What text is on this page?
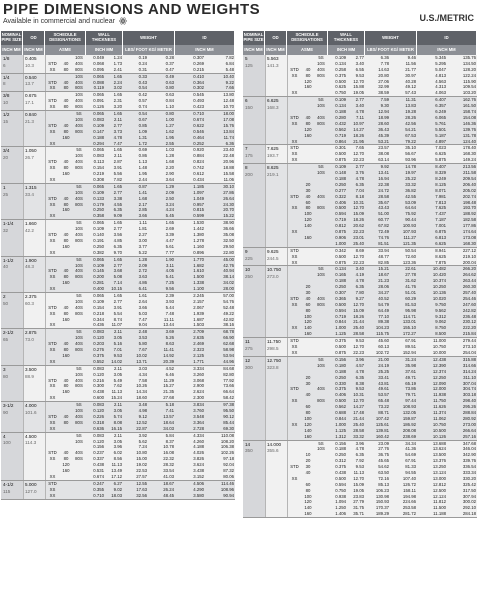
PIPE DIMENSIONS AND WEIGHTS
Available in commercial and nuclear	U.S./METRIC
NOMINAL PIPE SIZE
INCH MM
OD
INCH MM
SCHEDULE DESIGNATIONS
ASME
WALL THICKNESS
INCH MM
WEIGHT
LBS/ FOOT KG/ METER
ID
INCH MM
1/8
6
0.405
10.3
10S	0.049	1.24	0.19	0.28	0.307	7.82
STD	40	40S	0.068	1.73	0.24	0.37	0.269	6.84
XS	80	80S	0.095	2.41	0.31	0.47	0.215	5.48
1/4
8
0.540
13.7
10S	0.065	1.65	0.33	0.49	0.410	10.40
STD	40	40S	0.088	2.24	0.43	0.63	0.364	9.22
XS	80	80S	0.119	3.02	0.54	0.80	0.302	7.66
3/8
10
0.675
17.1
10S	0.065	1.65	0.42	0.63	0.545	13.80
STD	40	40S	0.091	2.31	0.57	0.84	0.493	12.48
XS	80	80S	0.126	3.20	0.74	1.10	0.423	10.70
1/2
15
0.840
21.3
5S	0.065	1.65	0.54	0.80	0.710	18.00
10S	0.083	2.11	0.67	1.00	0.674	17.08
STD	40	40S	0.109	2.77	0.85	1.27	0.622	15.76
XS	80	80S	0.147	3.73	1.09	1.62	0.546	13.84
160	0.188	4.78	1.31	1.95	0.464	11.74
XX	0.294	7.47	1.72	2.55	0.252	6.36
3/4
20
1.050
26.7
5S	0.065	1.65	0.69	1.03	0.920	23.40
10S	0.083	2.11	0.86	1.28	0.884	22.48
STD	40	40S	0.113	2.87	1.13	1.68	0.824	20.96
XS	80	80S	0.154	3.91	1.48	2.20	0.742	18.88
160	0.219	5.56	1.95	2.90	0.612	15.58
XX	0.308	7.82	2.44	3.64	0.434	11.06
1
25
1.315
33.4
5S	0.065	1.65	0.87	1.29	1.185	30.10
10S	0.109	2.77	1.41	2.09	1.097	27.86
STD	40	40S	0.133	3.38	1.68	2.50	1.049	26.64
XS	80	80S	0.179	4.55	2.17	3.24	0.957	24.30
160	0.250	6.35	2.85	4.24	0.815	20.70
XX	0.358	9.09	3.66	5.45	0.599	15.22
1-1/4
32
1.660
42.2
5S	0.065	1.65	1.11	1.65	1.530	38.90
10S	0.109	2.77	1.81	2.69	1.442	36.66
STD	40	40S	0.140	3.56	2.27	3.39	1.380	35.08
XS	80	80S	0.191	4.85	3.00	4.47	1.278	32.50
160	0.250	6.35	3.77	5.61	1.160	29.50
XX	0.382	9.70	5.22	7.77	0.896	22.80
1-1/2
40
1.900
48.3
5S	0.065	1.65	1.28	1.90	1.770	45.00
10S	0.109	2.77	2.09	3.11	1.682	42.76
STD	40	40S	0.145	3.68	2.72	4.05	1.610	40.94
XS	80	80S	0.200	5.08	3.63	5.41	1.500	38.14
160	0.281	7.14	4.86	7.25	1.338	34.02
XX	0.400	10.15	6.41	9.56	1.100	28.00
2
50
2.375
60.3
5S	0.065	1.65	1.61	2.39	2.245	57.00
10S	0.109	2.77	2.64	3.93	2.157	54.76
STD	40	40S	0.154	3.91	3.66	5.44	2.067	52.48
XS	80	80S	0.218	5.54	5.03	7.48	1.939	49.22
160	0.344	8.74	7.47	11.11	1.687	42.82
XX	0.436	11.07	9.04	13.44	1.503	38.16
2-1/2
65
2.875
73.0
5S	0.083	2.11	2.48	3.69	2.709	68.78
10S	0.120	3.05	3.53	5.26	2.635	66.90
STD	40	40S	0.203	5.16	5.80	8.63	2.469	62.68
XS	80	80S	0.276	7.01	7.67	11.41	2.323	58.98
160	0.375	9.53	10.02	14.92	2.125	53.94
XX	0.552	14.02	13.71	20.39	1.771	44.96
3
80
3.500
88.9
5S	0.083	2.11	3.03	4.52	3.334	84.68
10S	0.120	3.05	4.34	6.46	3.260	82.80
STD	40	40S	0.216	5.49	7.58	11.29	3.068	77.92
XS	80	80S	0.300	7.62	10.26	15.27	2.900	73.66
160	0.438	11.13	14.34	21.35	2.624	66.64
XX	0.600	15.24	18.60	27.68	2.300	58.42
3-1/2
90
4.000
101.6
5S	0.083	2.11	3.48	5.18	3.834	97.38
10S	0.120	3.05	4.98	7.41	3.760	95.50
STD	40	40S	0.226	5.74	9.12	13.57	3.548	90.12
XS	80	80S	0.318	8.08	12.52	18.64	3.364	85.44
XX	0.636	16.15	22.87	34.03	2.728	69.30
4
100
4.500
114.3
5S	0.083	2.11	3.92	5.84	4.334	110.08
10S	0.120	3.05	5.62	8.37	4.260	108.20
0.156	3.96	7.24	10.78	4.188	106.38
STD	40	40S	0.237	6.02	10.80	16.08	4.026	102.26
XS	80	80S	0.337	8.56	15.00	22.32	3.826	97.18
120	0.438	11.13	19.02	28.32	3.624	92.04
160	0.531	13.49	22.53	33.54	3.438	87.32
XX	0.674	17.12	27.57	41.03	3.152	80.06
4-1/2
115
5.000
127.0
STD	0.247	6.27	12.55	18.67	4.506	114.46
XS	0.355	9.02	17.63	26.24	4.290	108.96
XX	0.710	18.03	32.56	48.45	3.580	90.94
NOMINAL PIPE SIZE
INCH MM
OD
INCH MM
SCHEDULE DESIGNATIONS
ASME
WALL THICKNESS
INCH MM
WEIGHT
LBS/ FOOT KG/ METER
ID
INCH MM
5
125
5.563
141.3
5S	0.109	2.77	6.36	9.46	5.345	135.76
10S	0.134	3.40	7.78	11.56	5.295	134.50
STD	40	40S	0.258	6.55	14.63	21.77	5.047	128.20
XS	80	80S	0.375	9.53	20.80	30.97	4.813	122.24
120	0.500	12.70	27.06	40.28	4.563	115.90
160	0.625	15.88	32.99	49.12	4.313	109.54
XX	0.750	19.05	38.59	57.43	4.063	103.20
6
150
6.625
168.3
5S	0.109	2.77	7.59	11.31	6.407	162.76
10S	0.134	3.40	9.30	13.83	6.357	161.50
0.188	4.78	12.94	19.28	6.249	158.74
STD	40	40S	0.280	7.11	18.99	28.26	6.065	154.08
XS	80	80S	0.432	10.97	28.60	42.56	5.761	146.36
120	0.562	14.27	36.43	54.21	5.501	139.76
160	0.719	18.26	45.39	67.53	5.187	131.78
XX	0.864	21.95	53.21	79.22	4.897	124.40
7
175
7.625
193.7
STD	0.301	7.65	23.57	35.10	7.023	178.40
XS	0.500	12.70	38.08	56.67	6.625	168.30
XX	0.875	22.23	63.14	93.96	5.875	149.24
8
200
8.625
219.1
5S	0.109	2.77	9.92	14.78	8.407	213.56
10S	0.148	3.76	13.41	19.97	8.329	211.58
0.188	4.78	16.94	25.22	8.249	209.54
20	0.250	6.35	22.38	33.32	8.125	206.40
30	0.277	7.04	24.72	36.82	8.071	205.02
STD	40	40S	0.322	8.18	28.58	42.55	7.981	202.74
60	0.406	10.31	35.67	53.09	7.813	198.48
XS	80	80S	0.500	12.70	43.43	64.64	7.625	193.70
100	0.594	15.09	51.00	75.92	7.437	188.92
120	0.719	18.26	60.77	90.44	7.187	182.58
140	0.812	20.62	67.82	100.93	7.001	177.86
XX	0.875	22.23	72.49	107.93	6.875	174.64
160	0.906	23.01	74.76	111.27	6.813	173.08
1.000	25.40	81.51	121.35	6.625	168.30
9
225
9.625
244.5
STD	0.342	8.69	33.94	50.54	8.941	227.12
XS	0.500	12.70	48.77	72.60	8.625	219.10
XX	0.875	22.23	82.85	123.36	7.875	200.04
10
250
10.750
273.0
5S	0.134	3.40	15.21	22.61	10.482	266.20
10S	0.165	4.19	18.67	27.78	10.420	264.62
0.188	4.78	21.23	31.62	10.374	263.44
20	0.250	6.35	28.06	41.76	10.250	260.30
30	0.307	7.80	34.27	51.01	10.136	257.40
STD	40	40S	0.365	9.27	40.52	60.29	10.020	254.46
XS	60	80S	0.500	12.70	54.79	81.53	9.750	247.60
80	0.594	15.09	64.49	95.98	9.562	242.82
100	0.719	18.26	77.10	114.71	9.312	236.48
120	0.844	21.44	89.38	133.01	9.062	230.12
XX	140	1.000	25.40	104.23	155.10	8.750	222.20
160	1.125	28.58	115.75	172.27	8.500	215.84
11
275
11.750
298.5
STD	0.375	9.53	45.60	67.91	11.000	279.44
XS	0.500	12.70	60.13	89.51	10.750	273.10
XX	0.875	22.23	102.72	152.94	10.000	254.04
12
300
12.750
323.8
5S	0.156	3.96	21.00	31.24	12.438	315.88
10S	0.180	4.57	24.19	35.98	12.390	314.66
0.188	4.78	25.25	37.61	12.374	314.24
20	0.250	6.35	33.41	49.71	12.250	311.10
30	0.330	8.38	43.81	65.19	12.090	307.04
STD	40S	0.375	9.53	49.61	73.86	12.000	304.74
40	0.406	10.31	53.57	79.71	11.938	303.18
XS	80S	0.500	12.70	65.48	97.44	11.750	298.40
60	0.562	14.27	73.22	108.93	11.626	295.26
80	0.688	17.48	88.71	132.05	11.374	288.84
100	0.844	21.44	107.42	159.87	11.062	280.92
XX	120	1.000	25.40	125.61	186.92	10.750	273.00
140	1.125	28.58	139.81	208.08	10.500	266.64
160	1.312	33.32	160.42	238.69	10.126	257.16
14
350
14.000
355.6
5S	0.156	3.96	23.09	34.34	13.688	347.68
10S	0.188	4.78	27.76	41.36	13.624	346.04
10	0.250	6.35	36.75	54.69	13.500	342.90
20	0.312	7.92	45.65	67.91	13.376	339.76
STD	30	0.375	9.53	54.62	81.33	13.250	336.54
40	0.438	11.13	63.50	94.55	13.124	333.34
XS	0.500	12.70	72.16	107.40	13.000	330.20
60	0.594	15.09	85.13	126.72	12.812	325.42
80	0.750	19.05	106.23	158.11	12.500	317.50
100	0.938	23.83	130.98	194.98	12.124	307.94
120	1.094	27.79	150.93	224.66	11.812	300.02
140	1.250	31.75	170.37	253.58	11.500	292.10
160	1.406	35.71	189.29	281.72	11.188	284.18
